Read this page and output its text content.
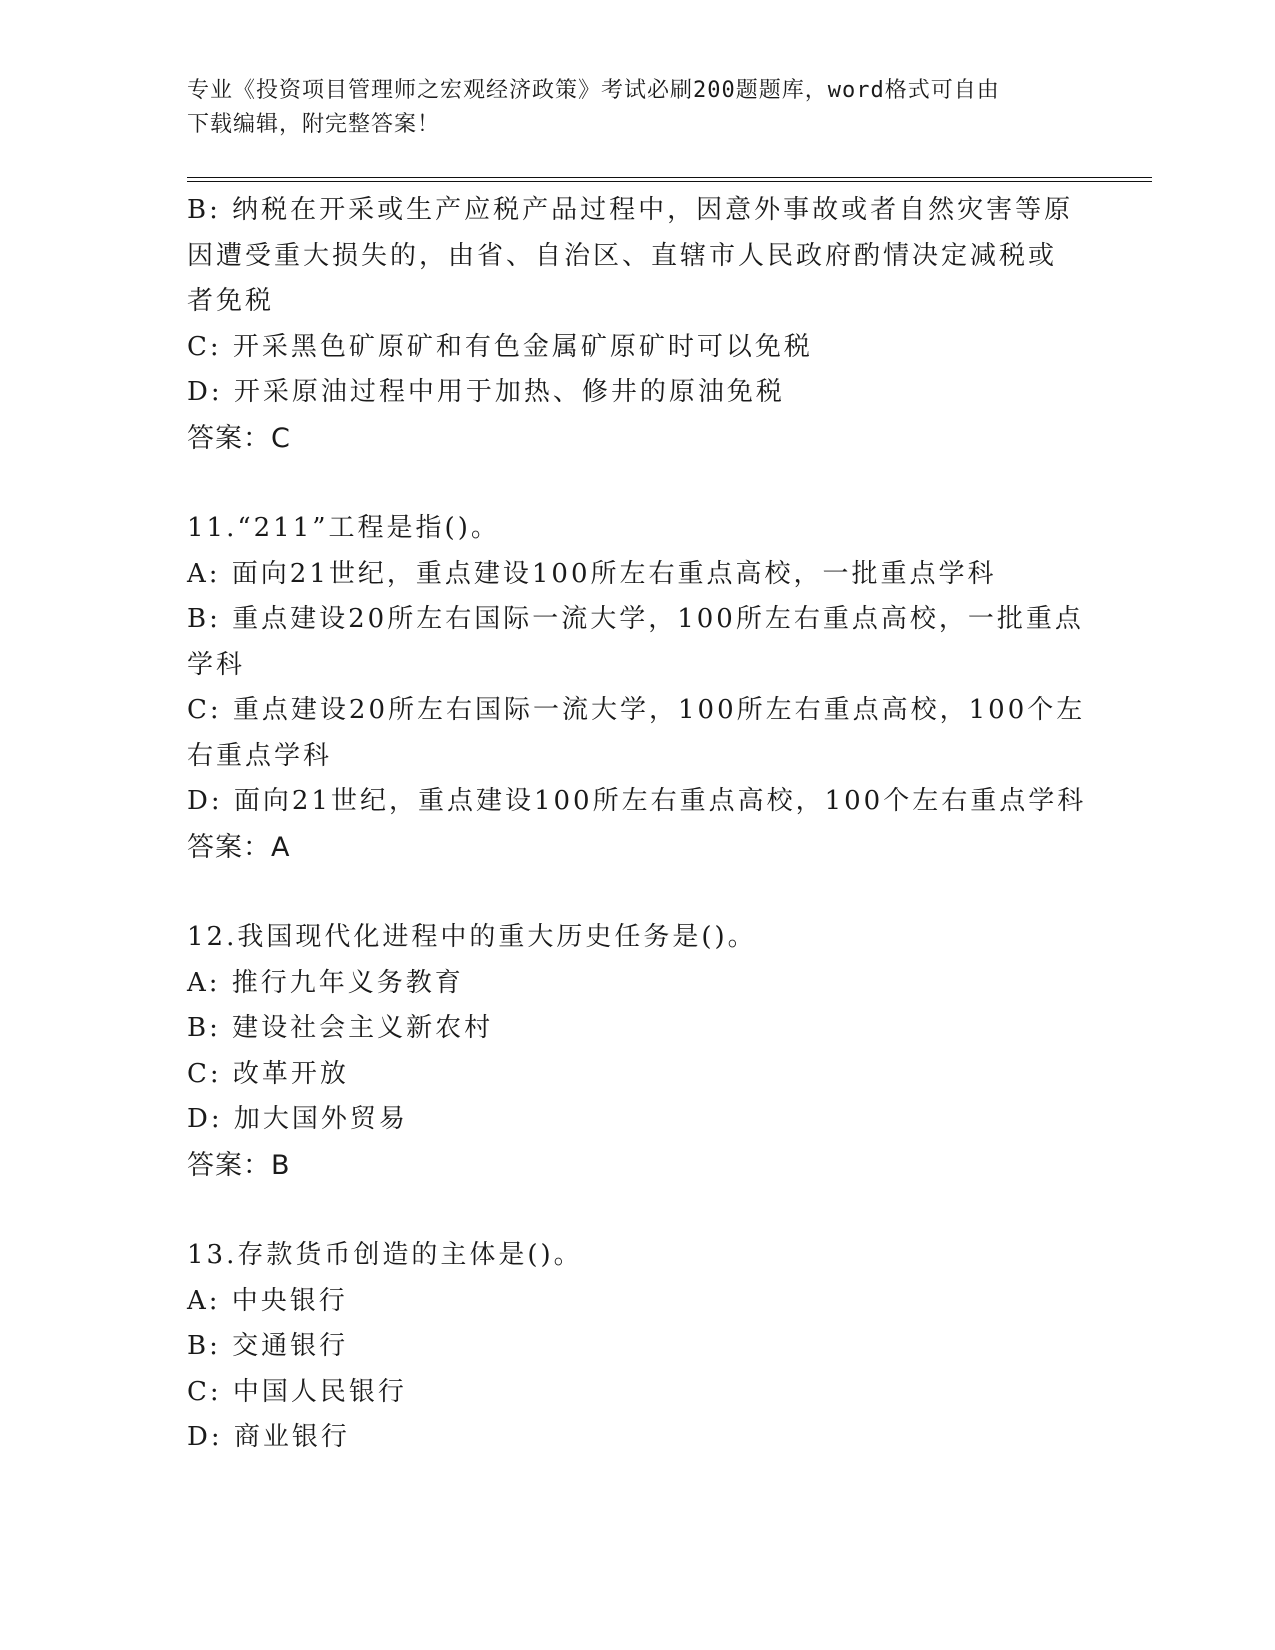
专业《投资项目管理师之宏观经济政策》考试必刷200题题库，word格式可自由
下载编辑，附完整答案！
B: 纳税在开采或生产应税产品过程中，因意外事故或者自然灾害等原
因遭受重大损失的，由省、自治区、直辖市人民政府酌情决定减税或
者免税
C: 开采黑色矿原矿和有色金属矿原矿时可以免税
D: 开采原油过程中用于加热、修井的原油免税
答案：C
11.“211”工程是指()。
A: 面向21世纪，重点建设100所左右重点高校，一批重点学科
B: 重点建设20所左右国际一流大学，100所左右重点高校，一批重点
学科
C: 重点建设20所左右国际一流大学，100所左右重点高校，100个左
右重点学科
D: 面向21世纪，重点建设100所左右重点高校，100个左右重点学科
答案：A
12.我国现代化进程中的重大历史任务是()。
A: 推行九年义务教育
B: 建设社会主义新农村
C: 改革开放
D: 加大国外贸易
答案：B
13.存款货币创造的主体是()。
A: 中央银行
B: 交通银行
C: 中国人民银行
D: 商业银行
